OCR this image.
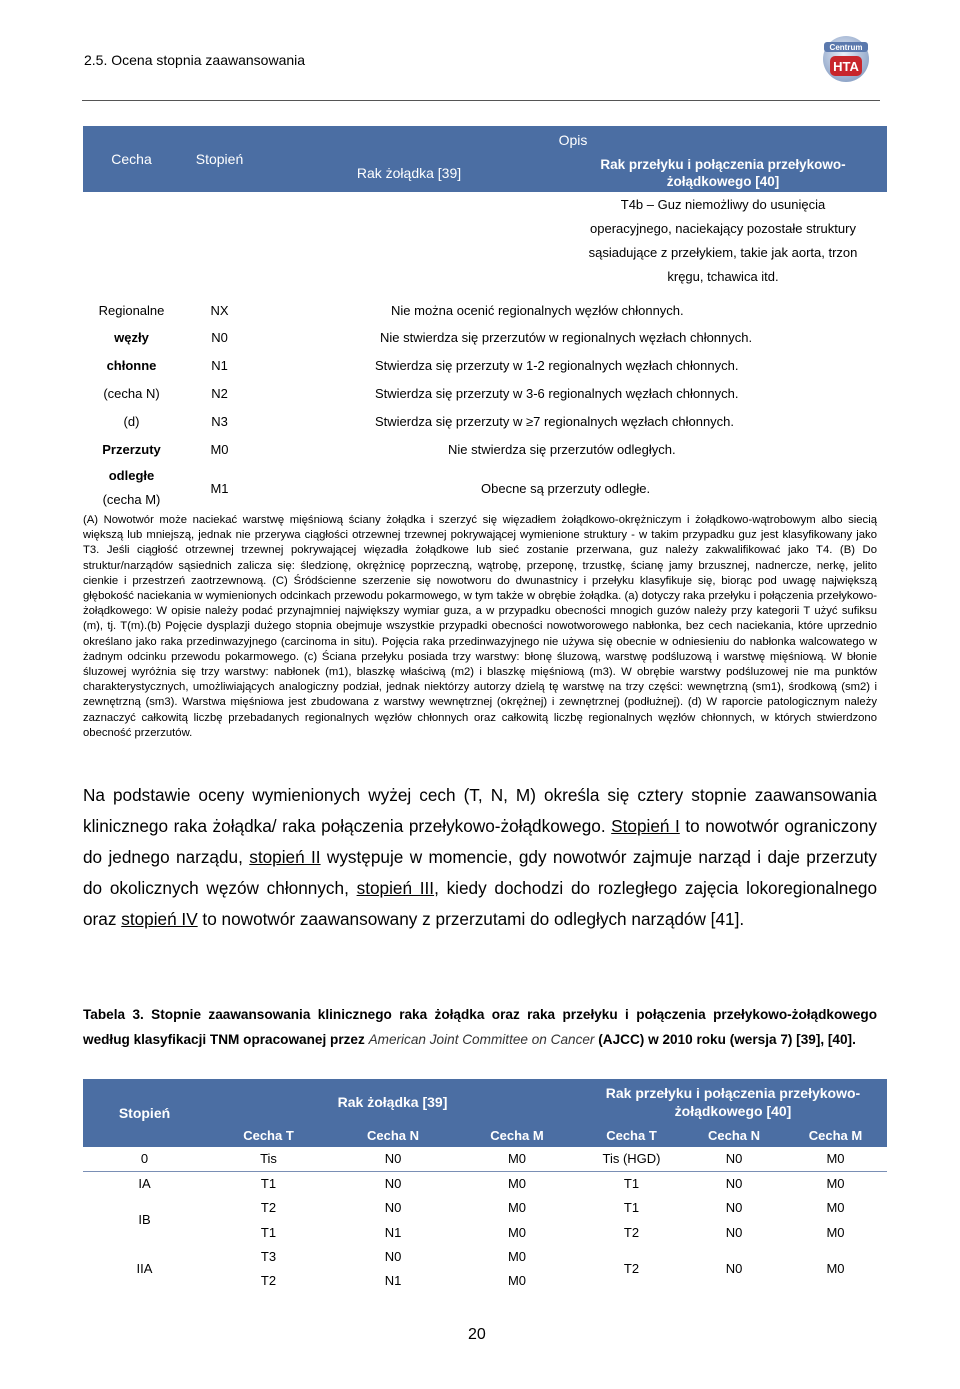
2.5. Ocena stopnia zaawansowania
Centrum
HTA
Cecha	Stopień	Opis	
		Rak żołądka [39]	Rak przełyku i połączenia przełykowo-
żołądkowego [40]
			T4b – Guz niemożliwy do usunięcia
operacyjnego, naciekający pozostałe struktury
sąsiadujące z przełykiem, takie jak aorta, trzon
kręgu, tchawica itd.
Regionalne	NX	Nie można ocenić regionalnych węzłów chłonnych.	
węzły	N0	Nie stwierdza się przerzutów w regionalnych węzłach chłonnych.	
chłonne	N1	Stwierdza się przerzuty w 1-2 regionalnych węzłach chłonnych.	
(cecha N)	N2	Stwierdza się przerzuty w 3-6 regionalnych węzłach chłonnych.	
(d)	N3	Stwierdza się przerzuty w ≥7 regionalnych węzłach chłonnych.	
Przerzuty	M0	Nie stwierdza się przerzutów odległych.	
odległe
(cecha M)	M1	Obecne są przerzuty odległe.	
(A) Nowotwór może naciekać warstwę mięśniową ściany żołądka i szerzyć się więzadłem żołądkowo-okrężniczym i żołądkowo-wątrobowym albo siecią większą lub mniejszą, jednak nie przerywa ciągłości otrzewnej trzewnej pokrywającej wymienione struktury - w takim przypadku guz jest klasyfikowany jako T3. Jeśli ciągłość otrzewnej trzewnej pokrywającej więzadła żołądkowe lub sieć zostanie przerwana, guz należy zakwalifikować jako T4. (B) Do struktur/narządów sąsiednich zalicza się: śledzionę, okrężnicę poprzeczną, wątrobę, przeponę, trzustkę, ścianę jamy brzusznej, nadnercze, nerkę, jelito cienkie i przestrzeń zaotrzewnową. (C) Śródścienne szerzenie się nowotworu do dwunastnicy i przełyku klasyfikuje się, biorąc pod uwagę największą głębokość naciekania w wymienionych odcinkach przewodu pokarmowego, w tym także w obrębie żołądka. (a) dotyczy raka przełyku i połączenia przełykowo-żołądkowego: W opisie należy podać przynajmniej największy wymiar guza, a w przypadku obecności mnogich guzów należy przy kategorii T użyć sufiksu (m), tj. T(m).(b) Pojęcie dysplazji dużego stopnia obejmuje wszystkie przypadki obecności nowotworowego nabłonka, bez cech naciekania, które uprzednio określano jako raka przedinwazyjnego (carcinoma in situ). Pojęcia raka przedinwazyjnego nie używa się obecnie w odniesieniu do nabłonka walcowatego w żadnym odcinku przewodu pokarmowego. (c) Ściana przełyku posiada trzy warstwy: błonę śluzową, warstwę podśluzową i warstwę mięśniową. W błonie śluzowej wyróżnia się trzy warstwy: nabłonek (m1), blaszkę właściwą (m2) i blaszkę mięśniową (m3). W obrębie warstwy podśluzowej nie ma punktów charakterystycznych, umożliwiających analogiczny podział, jednak niektórzy autorzy dzielą tę warstwę na trzy części: wewnętrzną (sm1), środkową (sm2) i zewnętrzną (sm3). Warstwa mięśniowa jest zbudowana z warstwy wewnętrznej (okrężnej) i zewnętrznej (podłużnej). (d) W raporcie patologicznym należy zaznaczyć całkowitą liczbę przebadanych regionalnych węzłów chłonnych oraz całkowitą liczbę regionalnych węzłów chłonnych, w których stwierdzono obecność przerzutów.
Na podstawie oceny wymienionych wyżej cech (T, N, M) określa się cztery stopnie zaawansowania klinicznego raka żołądka/ raka połączenia przełykowo-żołądkowego. Stopień I to nowotwór ograniczony do jednego narządu, stopień II występuje w momencie, gdy nowotwór zajmuje narząd i daje przerzuty do okolicznych węzów chłonnych, stopień III, kiedy dochodzi do rozległego zajęcia lokoregionalnego oraz stopień IV to nowotwór zaawansowany z przerzutami do odległych narządów [41].
Tabela 3. Stopnie zaawansowania klinicznego raka żołądka oraz raka przełyku i połączenia przełykowo-żołądkowego według klasyfikacji TNM opracowanej przez American Joint Committee on Cancer (AJCC) w 2010 roku (wersja 7) [39], [40].
Stopień	Rak żołądka [39]			Rak przełyku i połączenia przełykowo-
żołądkowego [40]		
	Cecha T	Cecha N	Cecha M	Cecha T	Cecha N	Cecha M
0	Tis	N0	M0	Tis (HGD)	N0	M0
IA	T1	N0	M0	T1	N0	M0
IB	T2	N0	M0	T1	N0	M0
	T1	N1	M0	T2	N0	M0
IIA	T3	N0	M0	T2	N0	M0
	T2	N1	M0			
20
